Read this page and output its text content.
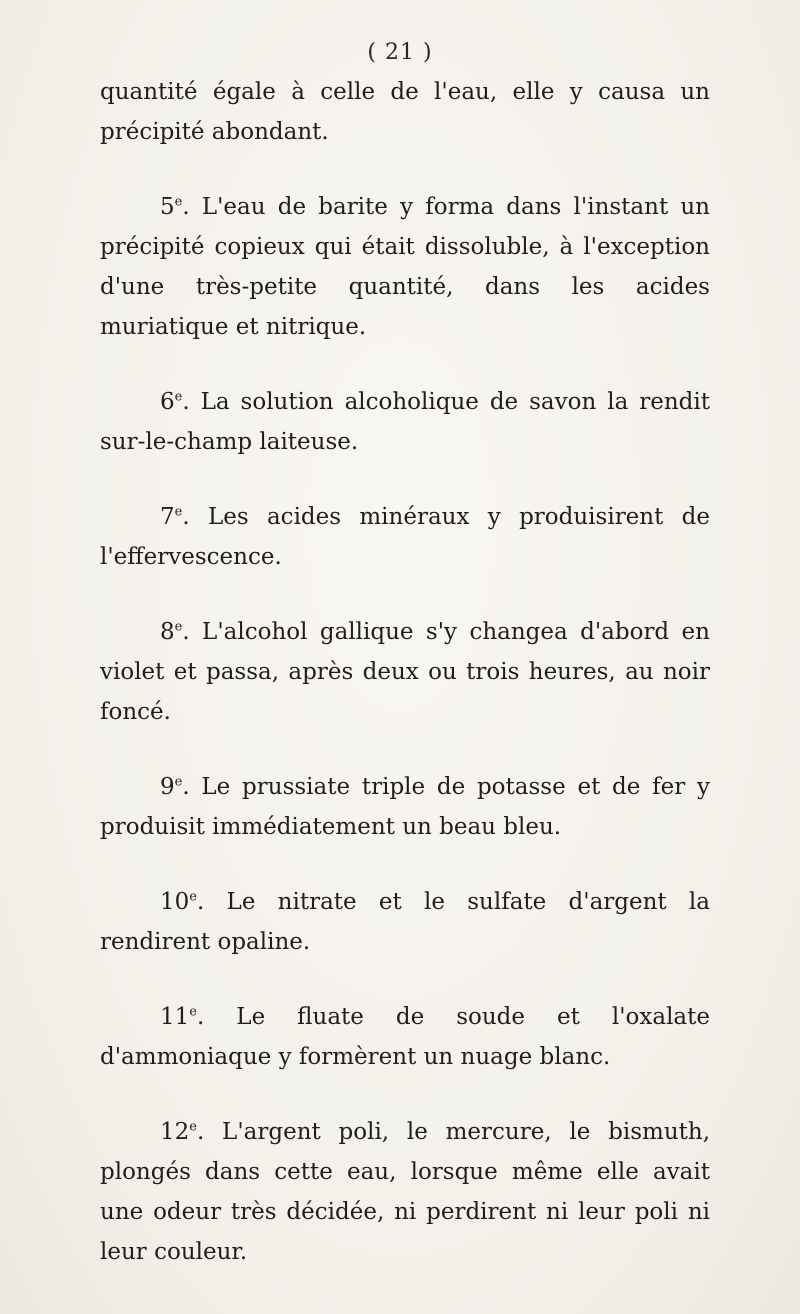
( 21 )

quantité égale à celle de l'eau, elle y causa un précipité abondant.

5e. L'eau de barite y forma dans l'instant un précipité copieux qui était dissoluble, à l'exception d'une très-petite quantité, dans les acides muriatique et nitrique.

6e. La solution alcoholique de savon la rendit sur-le-champ laiteuse.

7e. Les acides minéraux y produisirent de l'effervescence.

8e. L'alcohol gallique s'y changea d'abord en violet et passa, après deux ou trois heures, au noir foncé.

9e. Le prussiate triple de potasse et de fer y produisit immédiatement un beau bleu.

10e. Le nitrate et le sulfate d'argent la rendirent opaline.

11e. Le fluate de soude et l'oxalate d'ammoniaque y formèrent un nuage blanc.

12e. L'argent poli, le mercure, le bismuth, plongés dans cette eau, lorsque même elle avait une odeur très décidée, ni perdirent ni leur poli ni leur couleur.
